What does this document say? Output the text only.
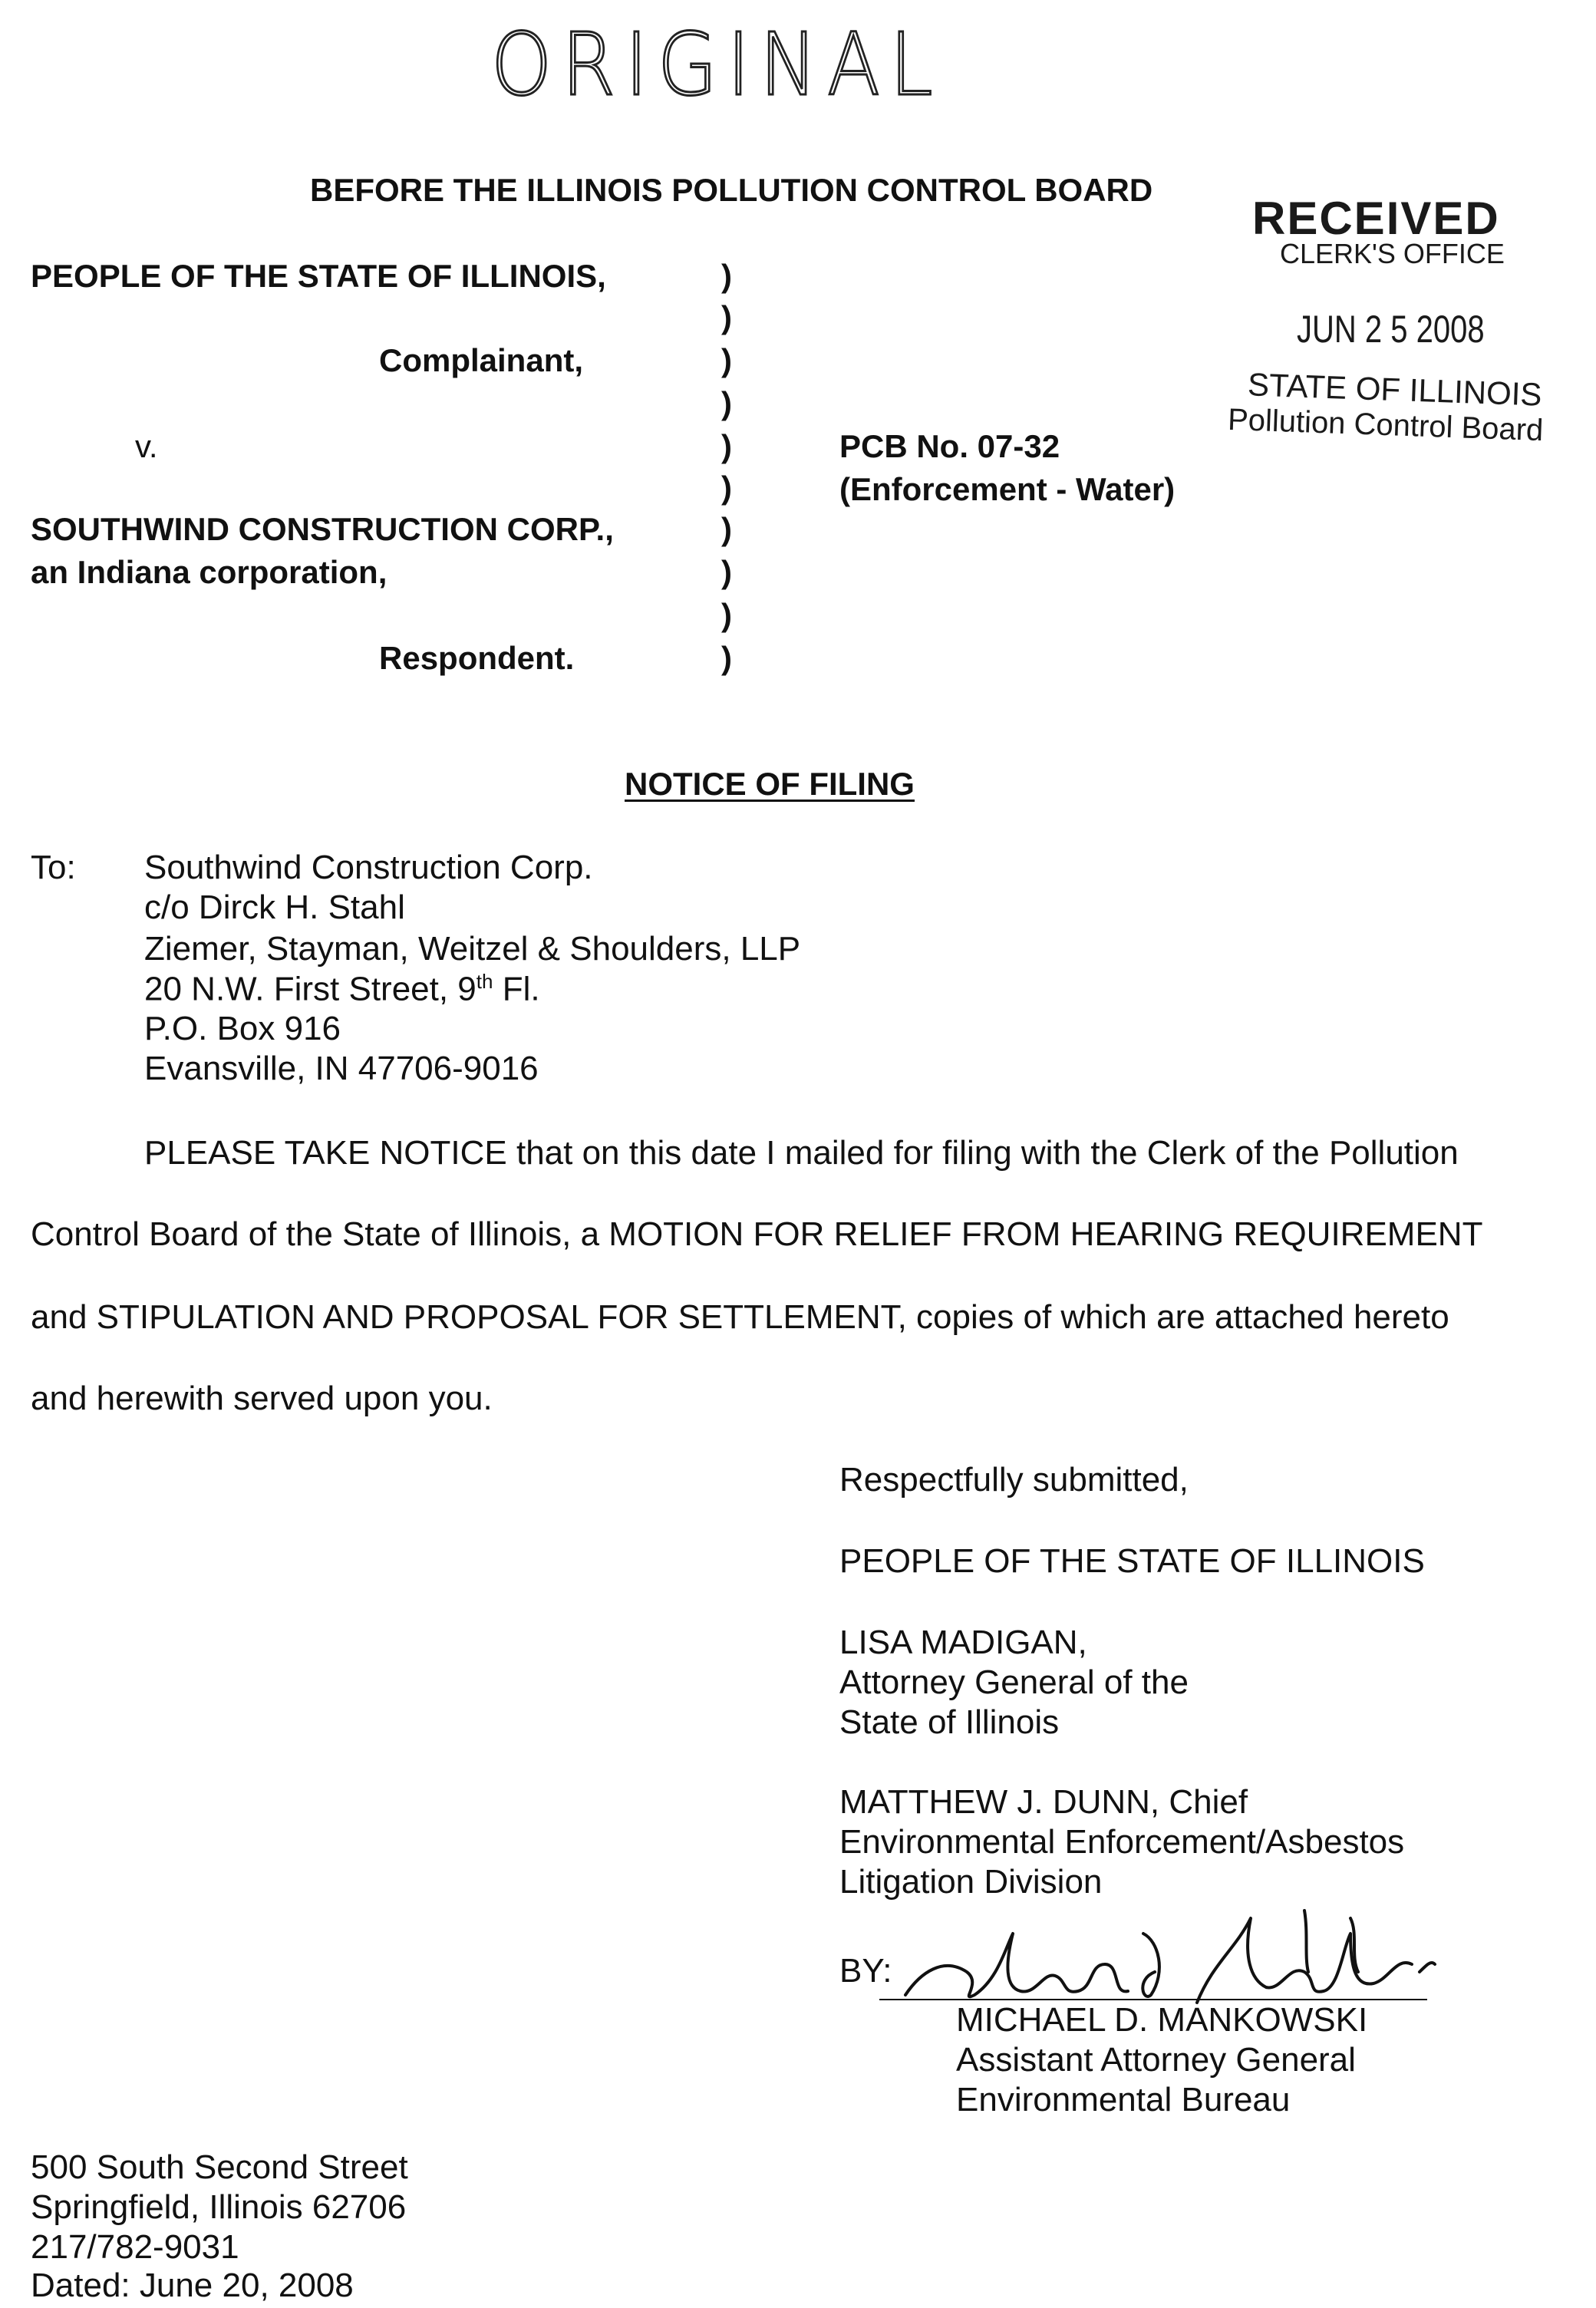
ORIGINAL
RECEIVED
CLERK'S OFFICE
JUN 2 5 2008
STATE OF ILLINOIS
Pollution Control Board
BEFORE THE ILLINOIS POLLUTION CONTROL BOARD
PEOPLE OF THE STATE OF ILLINOIS,
Complainant,
v.
SOUTHWIND CONSTRUCTION CORP.,
an Indiana corporation,
Respondent.
)
)
)
)
)
)
)
)
)
)
PCB No. 07-32
(Enforcement - Water)
NOTICE OF FILING
To: Southwind Construction Corp.
c/o Dirck H. Stahl
Ziemer, Stayman, Weitzel & Shoulders, LLP
20 N.W. First Street, 9th Fl.
P.O. Box 916
Evansville, IN 47706-9016
PLEASE TAKE NOTICE that on this date I mailed for filing with the Clerk of the Pollution
Control Board of the State of Illinois, a MOTION FOR RELIEF FROM HEARING REQUIREMENT
and STIPULATION AND PROPOSAL FOR SETTLEMENT, copies of which are attached hereto
and herewith served upon you.
Respectfully submitted,
PEOPLE OF THE STATE OF ILLINOIS
LISA MADIGAN,
Attorney General of the
State of Illinois
MATTHEW J. DUNN, Chief
Environmental Enforcement/Asbestos
Litigation Division
BY:
MICHAEL D. MANKOWSKI
Assistant Attorney General
Environmental Bureau
500 South Second Street
Springfield, Illinois 62706
217/782-9031
Dated: June 20, 2008
